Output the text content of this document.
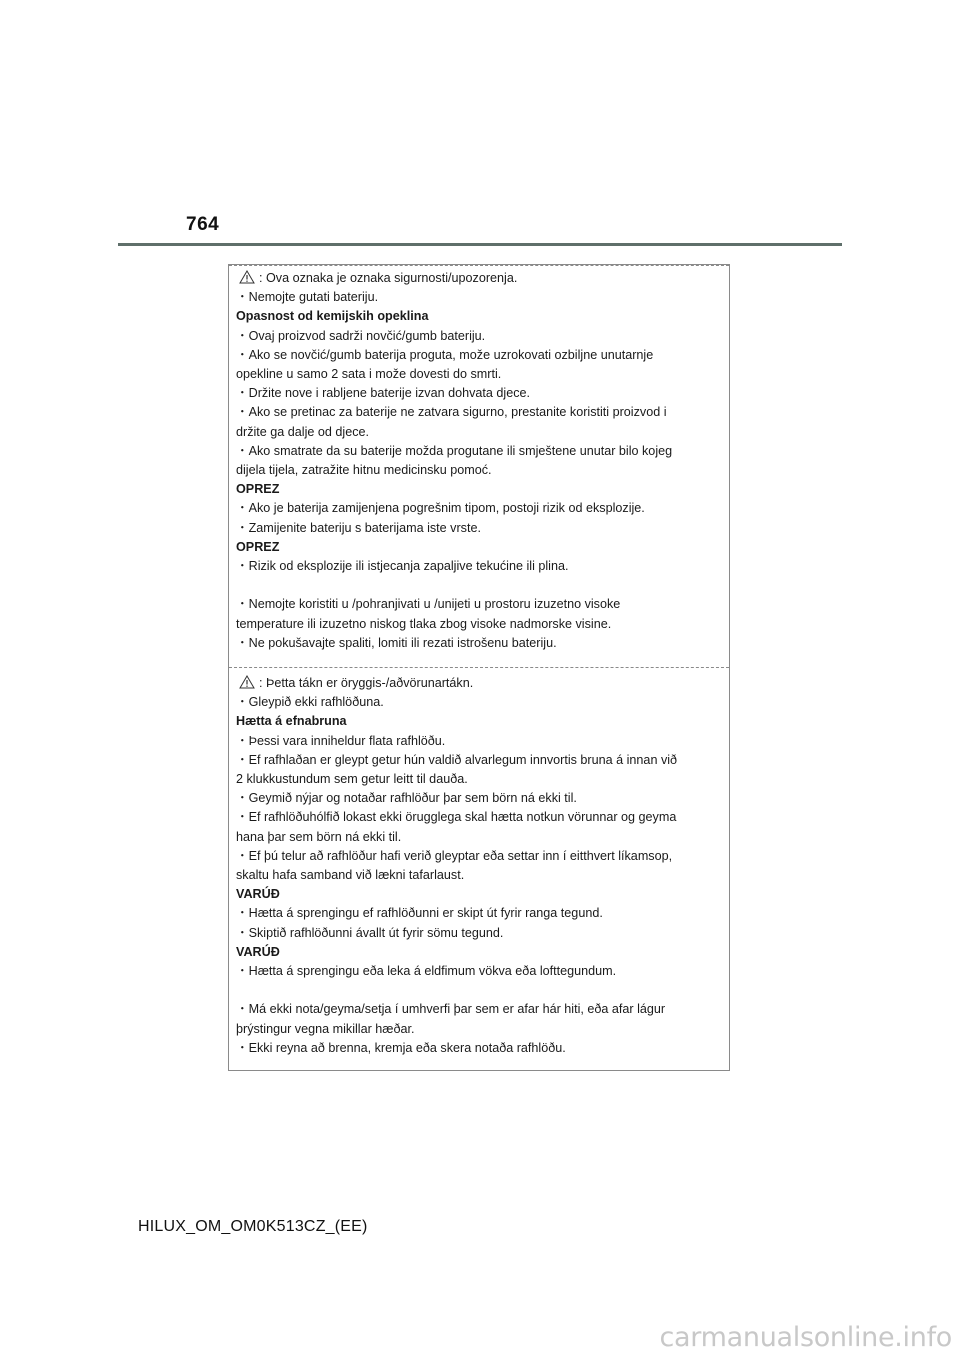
764
: Ova oznaka je oznaka sigurnosti/upozorenja.
・Nemojte gutati bateriju.
Opasnost od kemijskih opeklina
・Ovaj proizvod sadrži novčić/gumb bateriju.
・Ako se novčić/gumb baterija proguta, može uzrokovati ozbiljne unutarnje
opekline u samo 2 sata i može dovesti do smrti.
・Držite nove i rabljene baterije izvan dohvata djece.
・Ako se pretinac za baterije ne zatvara sigurno, prestanite koristiti proizvod i
držite ga dalje od djece.
・Ako smatrate da su baterije možda progutane ili smještene unutar bilo kojeg
dijela tijela, zatražite hitnu medicinsku pomoć.
OPREZ
・Ako je baterija zamijenjena pogrešnim tipom, postoji rizik od eksplozije.
・Zamijenite bateriju s baterijama iste vrste.
OPREZ
・Rizik od eksplozije ili istjecanja zapaljive tekućine ili plina.
・Nemojte koristiti u /pohranjivati u /unijeti u prostoru izuzetno visoke
temperature ili izuzetno niskog tlaka zbog visoke nadmorske visine.
・Ne pokušavajte spaliti, lomiti ili rezati istrošenu bateriju.
: Þetta tákn er öryggis-/aðvörunartákn.
・Gleypið ekki rafhlöðuna.
Hætta á efnabruna
・Þessi vara inniheldur flata rafhlöðu.
・Ef rafhlaðan er gleypt getur hún valdið alvarlegum innvortis bruna á innan við
2 klukkustundum sem getur leitt til dauða.
・Geymið nýjar og notaðar rafhlöður þar sem börn ná ekki til.
・Ef rafhlöðuhólfið lokast ekki örugglega skal hætta notkun vörunnar og geyma
hana þar sem börn ná ekki til.
・Ef þú telur að rafhlöður hafi verið gleyptar eða settar inn í eitthvert líkamsop,
skaltu hafa samband við lækni tafarlaust.
VARÚÐ
・Hætta á sprengingu ef rafhlöðunni er skipt út fyrir ranga tegund.
・Skiptið rafhlöðunni ávallt út fyrir sömu tegund.
VARÚÐ
・Hætta á sprengingu eða leka á eldfimum vökva eða lofttegundum.
・Má ekki nota/geyma/setja í umhverfi þar sem er afar hár hiti, eða afar lágur
þrýstingur vegna mikillar hæðar.
・Ekki reyna að brenna, kremja eða skera notaða rafhlöðu.
HILUX_OM_OM0K513CZ_(EE)
carmanualsonline.info
